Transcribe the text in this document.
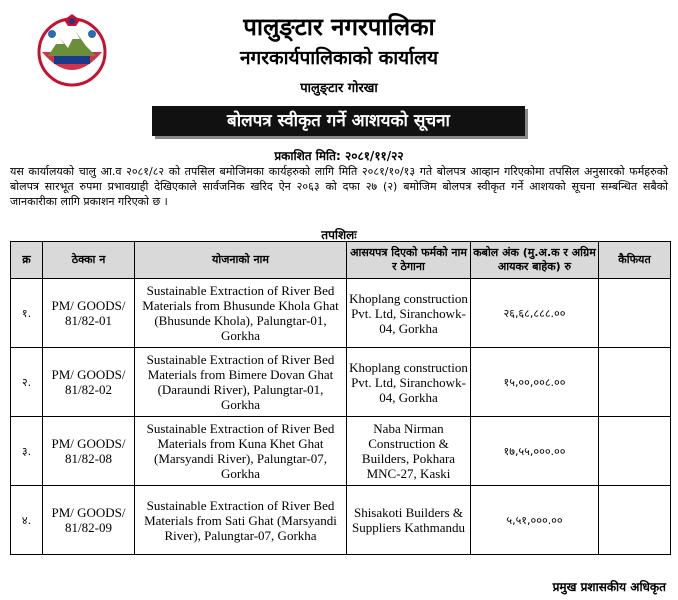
पालुङ्टार नगरपालिका
नगरकार्यपालिकाको कार्यालय
पालुङ्टार गोरखा
बोलपत्र स्वीकृत गर्ने आशयको सूचना
प्रकाशित मिति: २०८१/११/२२
यस कार्यालयको चालु आ.व २०८१/८२ को तपसिल बमोजिमका कार्यहरुको लागि मिति २०८१/१०/१३ गते बोलपत्र आव्हान गरिएकोमा तपसिल अनुसारको फर्महरुको बोलपत्र सारभूत रुपमा प्रभावग्राही देखिएकाले सार्वजनिक खरिद ऐन २०६३ को दफा २७ (२) बमोजिम बोलपत्र स्वीकृत गर्ने आशयको सूचना सम्बन्धित सबैको जानकारीका लागि प्रकाशन गरिएको छ ।
तपशिलः
क्र	ठेक्का न	योजनाको नाम	आसयपत्र दिएको फर्मको नाम र ठेगाना	कबोल अंक (मु.अ.क र अग्रिम आयकर बाहेक) रु	कैफियत
१.	PM/ GOODS/ 81/82-01	Sustainable Extraction of River Bed Materials from Bhusunde Khola Ghat (Bhusunde Khola), Palungtar-01, Gorkha	Khoplang construction Pvt. Ltd, Siranchowk-04, Gorkha	२६,६८,८८८.००	
२.	PM/ GOODS/ 81/82-02	Sustainable Extraction of River Bed Materials from Bimere Dovan Ghat (Daraundi River), Palungtar-01, Gorkha	Khoplang construction Pvt. Ltd, Siranchowk-04, Gorkha	१५,००,००८.००	
३.	PM/ GOODS/ 81/82-08	Sustainable Extraction of River Bed Materials from Kuna Khet Ghat (Marsyandi River), Palungtar-07, Gorkha	Naba Nirman Construction & Builders, Pokhara MNC-27, Kaski	१७,५५,०००.००	
४.	PM/ GOODS/ 81/82-09	Sustainable Extraction of River Bed Materials from Sati Ghat (Marsyandi River), Palungtar-07, Gorkha	Shisakoti Builders & Suppliers Kathmandu	५,५१,०००.००	
प्रमुख प्रशासकीय अधिकृत
